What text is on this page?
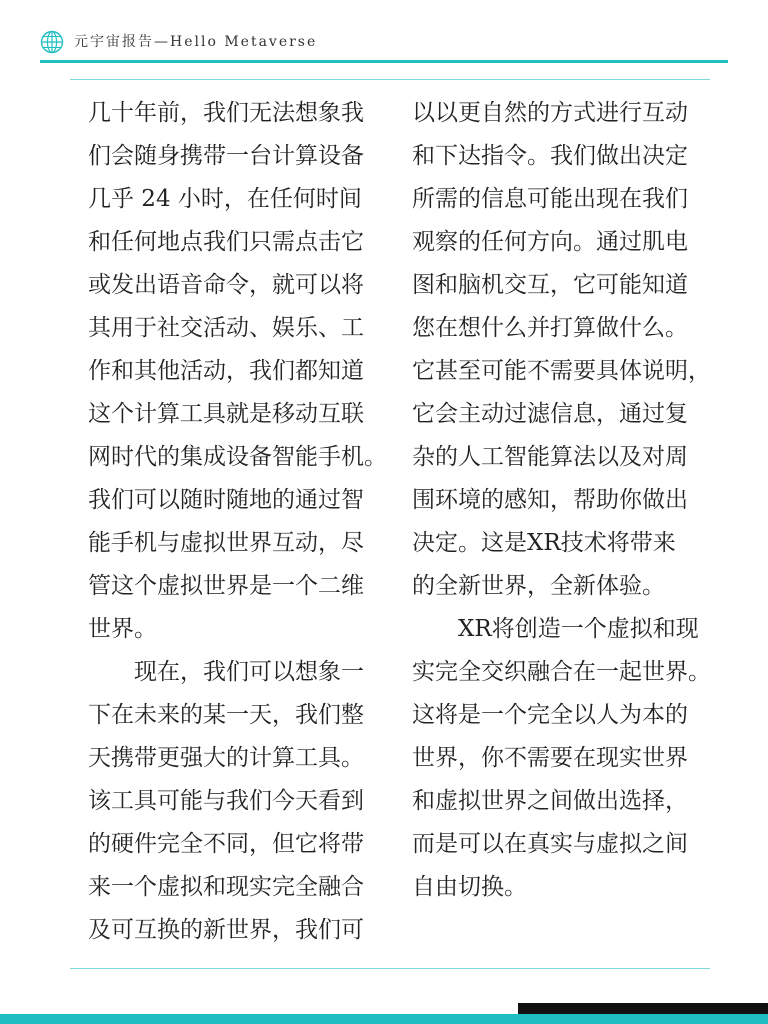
元宇宙报告—Hello Metaverse
几十年前，我们无法想象我
们会随身携带一台计算设备
几乎 24 小时，在任何时间
和任何地点我们只需点击它
或发出语音命令，就可以将
其用于社交活动、娱乐、工
作和其他活动，我们都知道
这个计算工具就是移动互联
网时代的集成设备智能手机。
我们可以随时随地的通过智
能手机与虚拟世界互动，尽
管这个虚拟世界是一个二维
世界。
现在，我们可以想象一
下在未来的某一天，我们整
天携带更强大的计算工具。
该工具可能与我们今天看到
的硬件完全不同，但它将带
来一个虚拟和现实完全融合
及可互换的新世界，我们可
以以更自然的方式进行互动
和下达指令。我们做出决定
所需的信息可能出现在我们
观察的任何方向。通过肌电
图和脑机交互，它可能知道
您在想什么并打算做什么。
它甚至可能不需要具体说明，
它会主动过滤信息，通过复
杂的人工智能算法以及对周
围环境的感知，帮助你做出
决定。这是XR技术将带来
的全新世界，全新体验。
XR将创造一个虚拟和现
实完全交织融合在一起世界。
这将是一个完全以人为本的
世界，你不需要在现实世界
和虚拟世界之间做出选择，
而是可以在真实与虚拟之间
自由切换。
